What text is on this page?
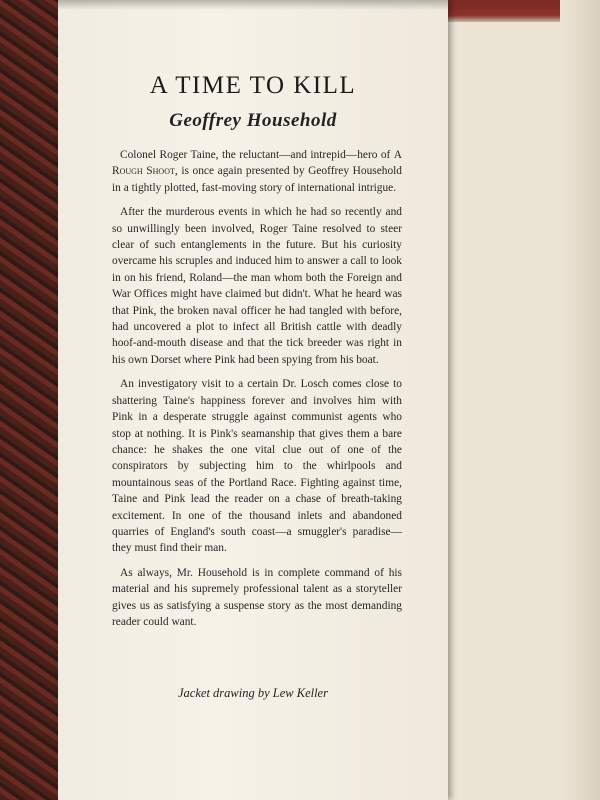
A TIME TO KILL
Geoffrey Household

Colonel Roger Taine, the reluctant—and intrepid—hero of A Rough Shoot, is once again presented by Geoffrey Household in a tightly plotted, fast-moving story of international intrigue.

After the murderous events in which he had so recently and so unwillingly been involved, Roger Taine resolved to steer clear of such entanglements in the future. But his curiosity overcame his scruples and induced him to answer a call to look in on his friend, Roland—the man whom both the Foreign and War Offices might have claimed but didn't. What he heard was that Pink, the broken naval officer he had tangled with before, had uncovered a plot to infect all British cattle with deadly hoof-and-mouth disease and that the tick breeder was right in his own Dorset where Pink had been spying from his boat.

An investigatory visit to a certain Dr. Losch comes close to shattering Taine's happiness forever and involves him with Pink in a desperate struggle against communist agents who stop at nothing. It is Pink's seamanship that gives them a bare chance: he shakes the one vital clue out of one of the conspirators by subjecting him to the whirlpools and mountainous seas of the Portland Race. Fighting against time, Taine and Pink lead the reader on a chase of breath-taking excitement. In one of the thousand inlets and abandoned quarries of England's south coast—a smuggler's paradise—they must find their man.

As always, Mr. Household is in complete command of his material and his supremely professional talent as a storyteller gives us as satisfying a suspense story as the most demanding reader could want.

Jacket drawing by Lew Keller
